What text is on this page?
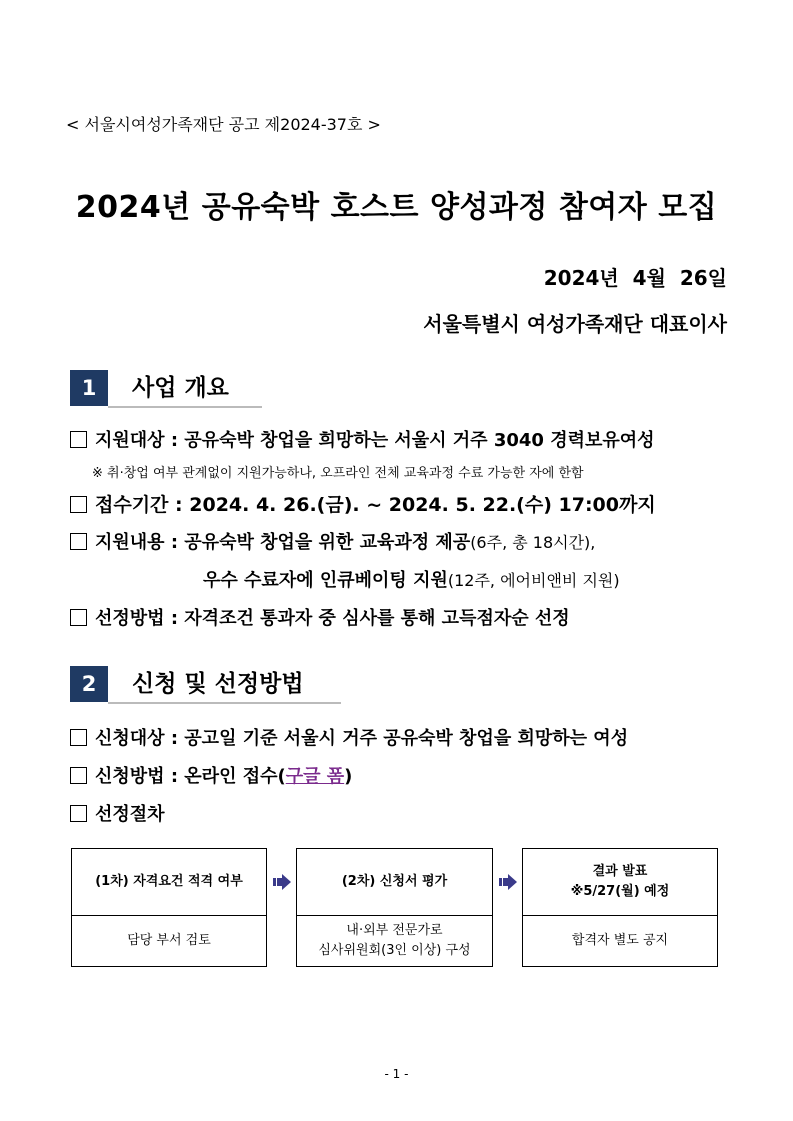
< 서울시여성가족재단 공고 제2024-37호 >
2024년 공유숙박 호스트 양성과정 참여자 모집
2024년  4월  26일
서울특별시 여성가족재단 대표이사
1	사업 개요
지원대상 : 공유숙박 창업을 희망하는 서울시 거주 3040 경력보유여성
※ 취·창업 여부 관계없이 지원가능하나, 오프라인 전체 교육과정 수료 가능한 자에 한함
접수기간 : 2024. 4. 26.(금). ~ 2024. 5. 22.(수) 17:00까지
지원내용 : 공유숙박 창업을 위한 교육과정 제공(6주, 총 18시간),
우수 수료자에 인큐베이팅 지원(12주, 에어비앤비 지원)
선정방법 : 자격조건 통과자 중 심사를 통해 고득점자순 선정
2	신청 및 선정방법
신청대상 : 공고일 기준 서울시 거주 공유숙박 창업을 희망하는 여성
신청방법 : 온라인 접수(구글 폼)
선정절차
(1차) 자격요건 적격 여부
담당 부서 검토
(2차) 신청서 평가
내·외부 전문가로
심사위원회(3인 이상) 구성
결과 발표
※5/27(월) 예정
합격자 별도 공지
- 1 -
